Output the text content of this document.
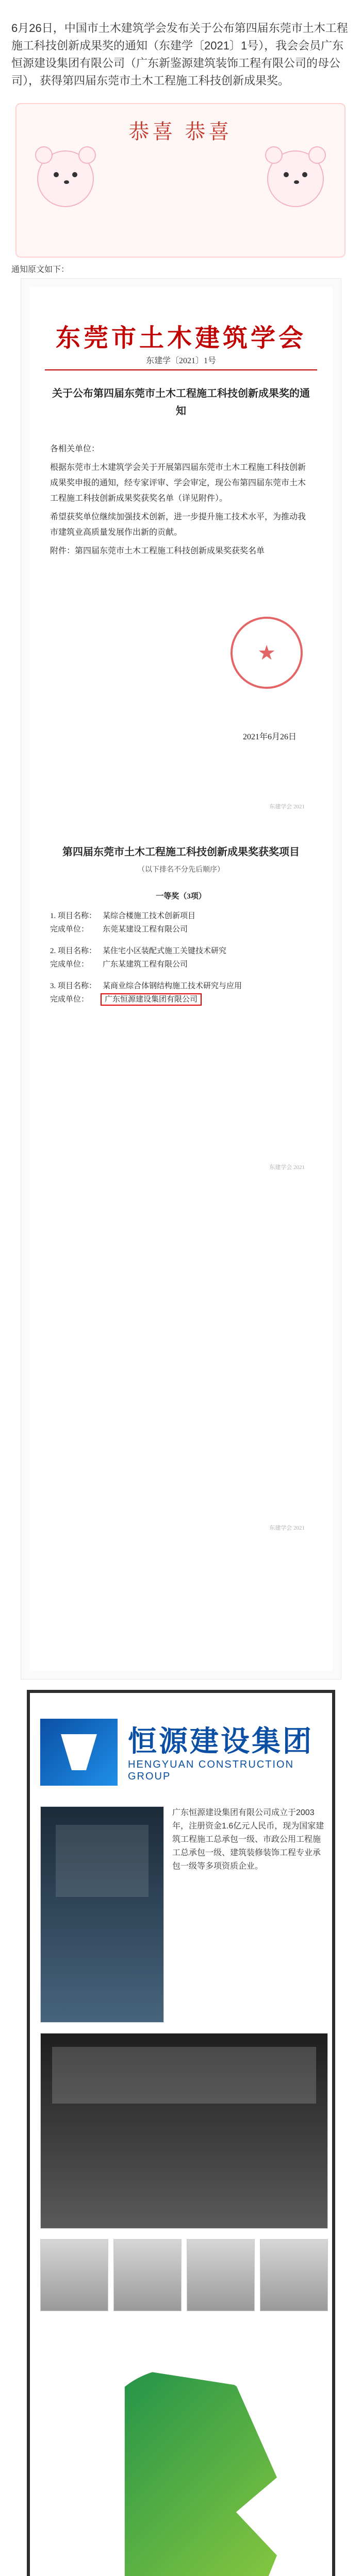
6月26日，中国市土木建筑学会发布关于公布第四届东莞市土木工程施工科技创新成果奖的通知（东建学〔2021〕1号），我会会员广东恒源建设集团有限公司（广东新鉴源建筑装饰工程有限公司的母公司），获得第四届东莞市土木工程施工科技创新成果奖。
恭喜 恭喜
通知原文如下：
东莞市土木建筑学会
东建学〔2021〕1号
关于公布第四届东莞市土木工程施工科技创新成果奖的通知

各相关单位：

根据东莞市土木建筑学会关于开展第四届东莞市土木工程施工科技创新成果奖申报的通知，经专家评审、学会审定，现公布第四届东莞市土木工程施工科技创新成果奖获奖名单（详见附件）。

希望获奖单位继续加强技术创新，进一步提升施工技术水平，为推动我市建筑业高质量发展作出新的贡献。

附件：第四届东莞市土木工程施工科技创新成果奖获奖名单

★
2021年6月26日
第四届东莞市土木工程施工科技创新成果奖获奖项目
（以下排名不分先后顺序）
一等奖（3项）
1. 项目名称： 某综合楼施工技术创新项目
完成单位：	东莞某建设工程有限公司
2. 项目名称： 某住宅小区装配式施工关键技术研究
完成单位：	广东某建筑工程有限公司
3. 项目名称： 某商业综合体钢结构施工技术研究与应用
完成单位：	广东恒源建设集团有限公司
东建学会 2021
东建学会 2021
东建学会 2021
恒源建设集团
HENGYUAN CONSTRUCTION GROUP
广东恒源建设集团有限公司成立于2003年，注册资金1.6亿元人民币，现为国家建筑工程施工总承包一级、市政公用工程施工总承包一级、建筑装修装饰工程专业承包一级等多项资质企业。
